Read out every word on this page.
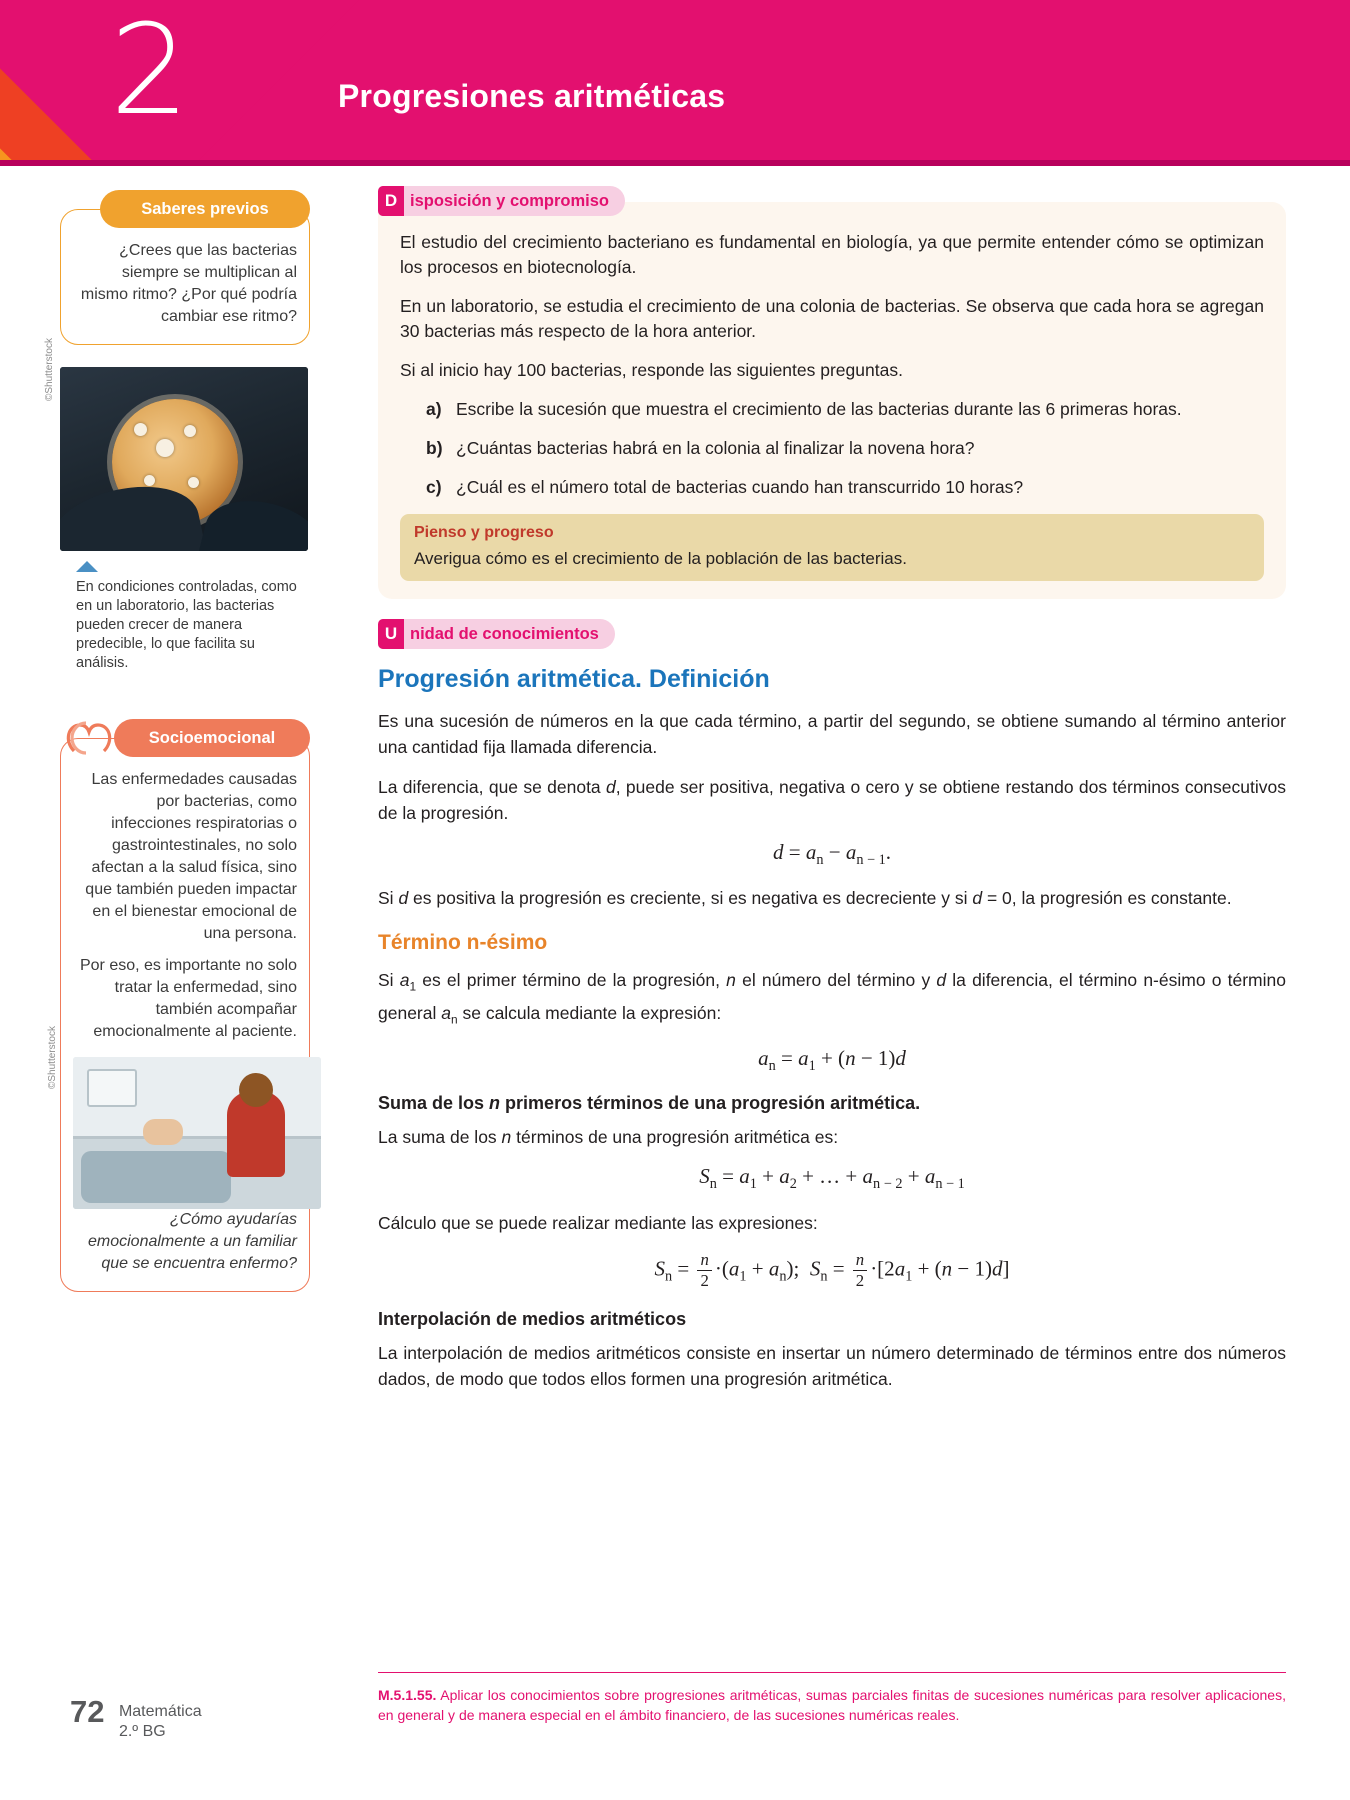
2	Progresiones aritméticas
Saberes previos

¿Crees que las bacterias siempre se multiplican al mismo ritmo? ¿Por qué podría cambiar ese ritmo?

©Shutterstock

En condiciones controladas, como en un laboratorio, las bacterias pueden crecer de manera predecible, lo que facilita su análisis.

Socioemocional

Las enfermedades causadas por bacterias, como infecciones respiratorias o gastrointestinales, no solo afectan a la salud física, sino que también pueden impactar en el bienestar emocional de una persona.

Por eso, es importante no solo tratar la enfermedad, sino también acompañar emocionalmente al paciente.

©Shutterstock

¿Cómo ayudarías emocionalmente a un familiar que se encuentra enfermo?

D isposición y compromiso

El estudio del crecimiento bacteriano es fundamental en biología, ya que permite entender cómo se optimizan los procesos en biotecnología.

En un laboratorio, se estudia el crecimiento de una colonia de bacterias. Se observa que cada hora se agregan 30 bacterias más respecto de la hora anterior.

Si al inicio hay 100 bacterias, responde las siguientes preguntas.

a) Escribe la sucesión que muestra el crecimiento de las bacterias durante las 6 primeras horas.
b) ¿Cuántas bacterias habrá en la colonia al finalizar la novena hora?
c) ¿Cuál es el número total de bacterias cuando han transcurrido 10 horas?
Pienso y progreso

Averigua cómo es el crecimiento de la población de las bacterias.

U nidad de conocimientos
Progresión aritmética. Definición

Es una sucesión de números en la que cada término, a partir del segundo, se obtiene sumando al término anterior una cantidad fija llamada diferencia.

La diferencia, que se denota d, puede ser positiva, negativa o cero y se obtiene restando dos términos consecutivos de la progresión.

$d = a_n - a_{n - 1}$.

Si d es positiva la progresión es creciente, si es negativa es decreciente y si d = 0, la progresión es constante.

Término n-ésimo

Si $a_1$ es el primer término de la progresión, n el número del término y d la diferencia, el término n-ésimo o término general $a_n$ se calcula mediante la expresión:

$a_n = a_1 + (n - 1)d$
Suma de los n primeros términos de una progresión aritmética.

La suma de los n términos de una progresión aritmética es:

$S_n = a_1 + a_2$ + … + $a_{n - 2} + a_{n - 1}$

Cálculo que se puede realizar mediante las expresiones:

$S_n = \frac{n}{2} \cdot(a_1 + a_n)$;  $S_n = \frac{n}{2} \cdot[2a_1 + (n - 1)d]$
Interpolación de medios aritméticos

La interpolación de medios aritméticos consiste en insertar un número determinado de términos entre dos números dados, de modo que todos ellos formen una progresión aritmética.

M.5.1.55. Aplicar los conocimientos sobre progresiones aritméticas, sumas parciales finitas de sucesiones numéricas para resolver aplicaciones, en general y de manera especial en el ámbito financiero, de las sucesiones numéricas reales.

72 Matemática
2.º BG
